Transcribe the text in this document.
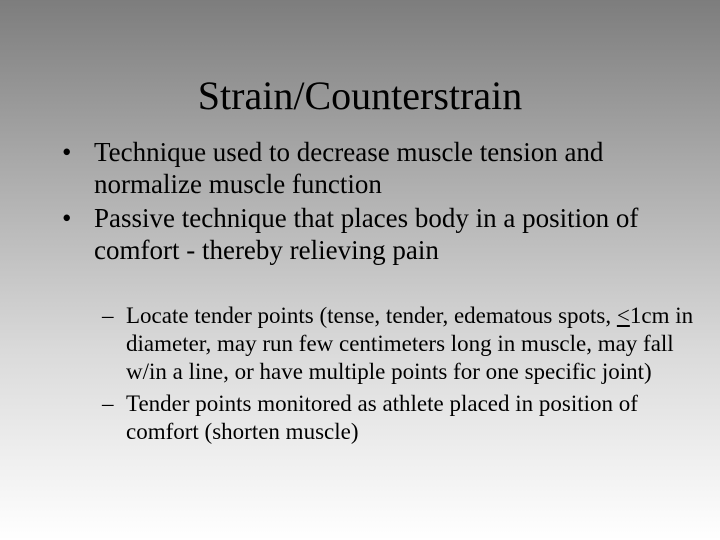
Strain/Counterstrain
• Technique used to decrease muscle tension and normalize muscle function
• Passive technique that places body in a position of comfort - thereby relieving pain
– Locate tender points (tense, tender, edematous spots, <1cm in diameter, may run few centimeters long in muscle, may fall w/in a line, or have multiple points for one specific joint)
– Tender points monitored as athlete placed in position of comfort (shorten muscle)
